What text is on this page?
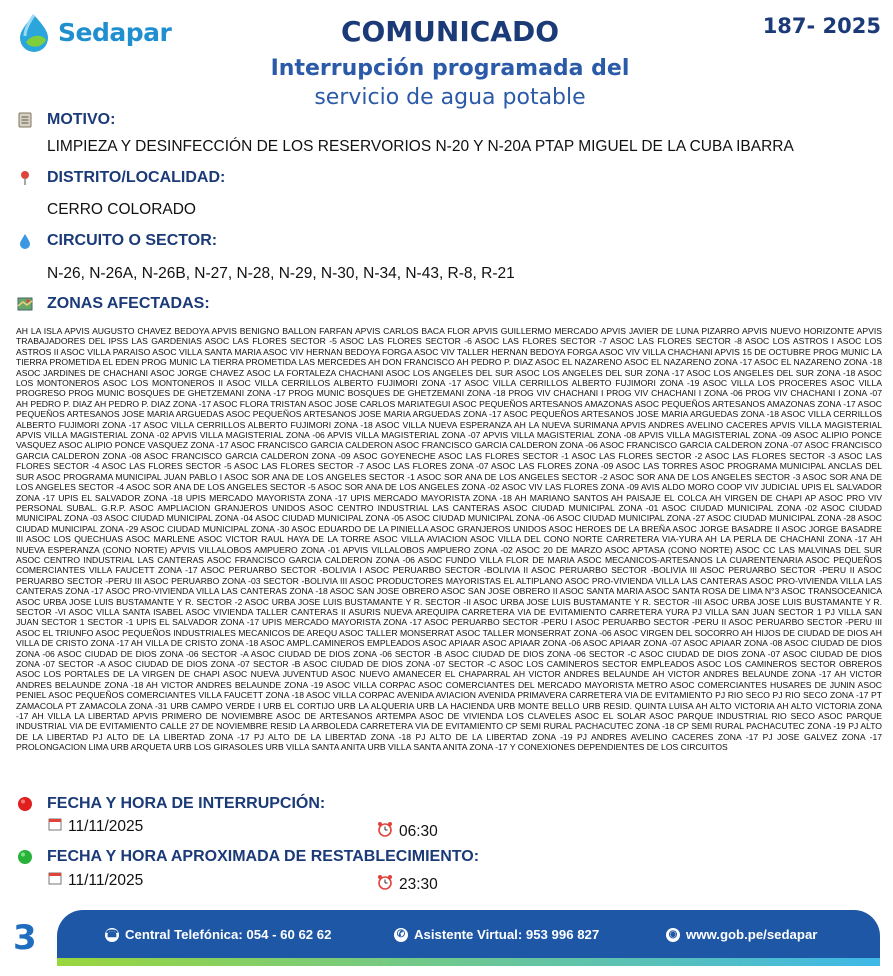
Sedapar	COMUNICADO
Interrupción programada del
servicio de agua potable
187- 2025
MOTIVO:
LIMPIEZA Y DESINFECCIÓN DE LOS RESERVORIOS N-20 Y N-20A PTAP MIGUEL DE LA CUBA IBARRA
DISTRITO/LOCALIDAD:
CERRO COLORADO
CIRCUITO O SECTOR:
N-26, N-26A, N-26B, N-27, N-28, N-29, N-30, N-34, N-43, R-8, R-21
ZONAS AFECTADAS:
AH LA ISLA APVIS AUGUSTO CHAVEZ BEDOYA APVIS BENIGNO BALLON FARFAN APVIS CARLOS BACA FLOR APVIS GUILLERMO MERCADO APVIS JAVIER DE LUNA PIZARRO APVIS NUEVO HORIZONTE APVIS TRABAJADORES DEL IPSS LAS GARDENIAS ASOC LAS FLORES SECTOR -5 ASOC LAS FLORES SECTOR -6 ASOC LAS FLORES SECTOR -7 ASOC LAS FLORES SECTOR -8 ASOC LOS ASTROS I ASOC LOS ASTROS II ASOC VILLA PARAISO ASOC VILLA SANTA MARIA ASOC VIV HERNAN BEDOYA FORGA ASOC VIV TALLER HERNAN BEDOYA FORGA ASOC VIV VILLA CHACHANI APVIS 15 DE OCTUBRE PROG MUNIC LA TIERRA PROMETIDA EL EDEN PROG MUNIC LA TIERRA PROMETIDA LAS MERCEDES AH DON FRANCISCO AH PEDRO P. DIAZ ASOC EL NAZARENO ASOC EL NAZARENO ZONA -17 ASOC EL NAZARENO ZONA -18 ASOC JARDINES DE CHACHANI ASOC JORGE CHAVEZ ASOC LA FORTALEZA CHACHANI ASOC LOS ANGELES DEL SUR ASOC LOS ANGELES DEL SUR ZONA -17 ASOC LOS ANGELES DEL SUR ZONA -18 ASOC LOS MONTONEROS ASOC LOS MONTONEROS II ASOC VILLA CERRILLOS ALBERTO FUJIMORI ZONA -17 ASOC VILLA CERRILLOS ALBERTO FUJIMORI ZONA -19 ASOC VILLA LOS PROCERES ASOC VILLA PROGRESO PROG MUNIC BOSQUES DE GHETZEMANI ZONA -17 PROG MUNIC BOSQUES DE GHETZEMANI ZONA -18 PROG VIV CHACHANI I PROG VIV CHACHANI I ZONA -06 PROG VIV CHACHANI I ZONA -07 AH PEDRO P. DIAZ AH PEDRO P. DIAZ ZONA -17 ASOC FLORA TRISTAN ASOC JOSE CARLOS MARIATEGUI ASOC PEQUEÑOS ARTESANOS AMAZONAS ASOC PEQUEÑOS ARTESANOS AMAZONAS ZONA -17 ASOC PEQUEÑOS ARTESANOS JOSE MARIA ARGUEDAS ASOC PEQUEÑOS ARTESANOS JOSE MARIA ARGUEDAS ZONA -17 ASOC PEQUEÑOS ARTESANOS JOSE MARIA ARGUEDAS ZONA -18 ASOC VILLA CERRILLOS ALBERTO FUJIMORI ZONA -17 ASOC VILLA CERRILLOS ALBERTO FUJIMORI ZONA -18 ASOC VILLA NUEVA ESPERANZA AH LA NUEVA SURIMANA APVIS ANDRES AVELINO CACERES APVIS VILLA MAGISTERIAL APVIS VILLA MAGISTERIAL ZONA -02 APVIS VILLA MAGISTERIAL ZONA -06 APVIS VILLA MAGISTERIAL ZONA -07 APVIS VILLA MAGISTERIAL ZONA -08 APVIS VILLA MAGISTERIAL ZONA -09 ASOC ALIPIO PONCE VASQUEZ ASOC ALIPIO PONCE VASQUEZ ZONA -17 ASOC FRANCISCO GARCIA CALDERON ASOC FRANCISCO GARCIA CALDERON ZONA -06 ASOC FRANCISCO GARCIA CALDERON ZONA -07 ASOC FRANCISCO GARCIA CALDERON ZONA -08 ASOC FRANCISCO GARCIA CALDERON ZONA -09 ASOC GOYENECHE ASOC LAS FLORES SECTOR -1 ASOC LAS FLORES SECTOR -2 ASOC LAS FLORES SECTOR -3 ASOC LAS FLORES SECTOR -4 ASOC LAS FLORES SECTOR -5 ASOC LAS FLORES SECTOR -7 ASOC LAS FLORES ZONA -07 ASOC LAS FLORES ZONA -09 ASOC LAS TORRES ASOC PROGRAMA MUNICIPAL ANCLAS DEL SUR ASOC PROGRAMA MUNICIPAL JUAN PABLO I ASOC SOR ANA DE LOS ANGELES SECTOR -1 ASOC SOR ANA DE LOS ANGELES SECTOR -2 ASOC SOR ANA DE LOS ANGELES SECTOR -3 ASOC SOR ANA DE LOS ANGELES SECTOR -4 ASOC SOR ANA DE LOS ANGELES SECTOR -5 ASOC SOR ANA DE LOS ANGELES ZONA -02 ASOC VIV LAS FLORES ZONA -09 AVIS ALDO MORO COOP VIV JUDICIAL UPIS EL SALVADOR ZONA -17 UPIS EL SALVADOR ZONA -18 UPIS MERCADO MAYORISTA ZONA -17 UPIS MERCADO MAYORISTA ZONA -18 AH MARIANO SANTOS AH PAISAJE EL COLCA AH VIRGEN DE CHAPI AP ASOC PRO VIV PERSONAL SUBAL. G.R.P. ASOC AMPLIACION GRANJEROS UNIDOS ASOC CENTRO INDUSTRIAL LAS CANTERAS ASOC CIUDAD MUNICIPAL ZONA -01 ASOC CIUDAD MUNICIPAL ZONA -02 ASOC CIUDAD MUNICIPAL ZONA -03 ASOC CIUDAD MUNICIPAL ZONA -04 ASOC CIUDAD MUNICIPAL ZONA -05 ASOC CIUDAD MUNICIPAL ZONA -06 ASOC CIUDAD MUNICIPAL ZONA -27 ASOC CIUDAD MUNICIPAL ZONA -28 ASOC CIUDAD MUNICIPAL ZONA -29 ASOC CIUDAD MUNICIPAL ZONA -30 ASOC EDUARDO DE LA PINIELLA ASOC GRANJEROS UNIDOS ASOC HEROES DE LA BREÑA ASOC JORGE BASADRE II ASOC JORGE BASADRE III ASOC LOS QUECHUAS ASOC MARLENE ASOC VICTOR RAUL HAYA DE LA TORRE ASOC VILLA AVIACION ASOC VILLA DEL CONO NORTE CARRETERA VIA-YURA AH LA PERLA DE CHACHANI ZONA -17 AH NUEVA ESPERANZA (CONO NORTE) APVIS VILLALOBOS AMPUERO ZONA -01 APVIS VILLALOBOS AMPUERO ZONA -02 ASOC 20 DE MARZO ASOC APTASA (CONO NORTE) ASOC CC LAS MALVINAS DEL SUR ASOC CENTRO INDUSTRIAL LAS CANTERAS ASOC FRANCISCO GARCIA CALDERON ZONA -06 ASOC FUNDO VILLA FLOR DE MARIA ASOC MECANICOS-ARTESANOS LA CUARENTENARIA ASOC PEQUEÑOS COMERCIANTES VILLA FAUCETT ZONA -17 ASOC PERUARBO SECTOR -BOLIVIA I ASOC PERUARBO SECTOR -BOLIVIA II ASOC PERUARBO SECTOR -BOLIVIA III ASOC PERUARBO SECTOR -PERU II ASOC PERUARBO SECTOR -PERU III ASOC PERUARBO ZONA -03 SECTOR -BOLIVIA III ASOC PRODUCTORES MAYORISTAS EL ALTIPLANO ASOC PRO-VIVIENDA VILLA LAS CANTERAS ASOC PRO-VIVIENDA VILLA LAS CANTERAS ZONA -17 ASOC PRO-VIVIENDA VILLA LAS CANTERAS ZONA -18 ASOC SAN JOSE OBRERO ASOC SAN JOSE OBRERO II ASOC SANTA MARIA ASOC SANTA ROSA DE LIMA N°3 ASOC TRANSOCEANICA ASOC URBA JOSE LUIS BUSTAMANTE Y R. SECTOR -2 ASOC URBA JOSE LUIS BUSTAMANTE Y R. SECTOR -II ASOC URBA JOSE LUIS BUSTAMANTE Y R. SECTOR -III ASOC URBA JOSE LUIS BUSTAMANTE Y R. SECTOR -VI ASOC VILLA SANTA ISABEL ASOC VIVIENDA TALLER CANTERAS II ASURIS NUEVA AREQUIPA CARRETERA VIA DE EVITAMIENTO CARRETERA YURA PJ VILLA SAN JUAN SECTOR 1 PJ VILLA SAN JUAN SECTOR 1 SECTOR -1 UPIS EL SALVADOR ZONA -17 UPIS MERCADO MAYORISTA ZONA -17 ASOC PERUARBO SECTOR -PERU I ASOC PERUARBO SECTOR -PERU II ASOC PERUARBO SECTOR -PERU III ASOC EL TRIUNFO ASOC PEQUEÑOS INDUSTRIALES MECANICOS DE AREQU ASOC TALLER MONSERRAT ASOC TALLER MONSERRAT ZONA -06 ASOC VIRGEN DEL SOCORRO AH HIJOS DE CIUDAD DE DIOS AH VILLA DE CRISTO ZONA -17 AH VILLA DE CRISTO ZONA -18 ASOC AMPL.CAMINEROS EMPLEADOS ASOC APIAAR ASOC APIAAR ZONA -06 ASOC APIAAR ZONA -07 ASOC APIAAR ZONA -08 ASOC CIUDAD DE DIOS ZONA -06 ASOC CIUDAD DE DIOS ZONA -06 SECTOR -A ASOC CIUDAD DE DIOS ZONA -06 SECTOR -B ASOC CIUDAD DE DIOS ZONA -06 SECTOR -C ASOC CIUDAD DE DIOS ZONA -07 ASOC CIUDAD DE DIOS ZONA -07 SECTOR -A ASOC CIUDAD DE DIOS ZONA -07 SECTOR -B ASOC CIUDAD DE DIOS ZONA -07 SECTOR -C ASOC LOS CAMINEROS SECTOR EMPLEADOS ASOC LOS CAMINEROS SECTOR OBREROS ASOC LOS PORTALES DE LA VIRGEN DE CHAPI ASOC NUEVA JUVENTUD ASOC NUEVO AMANECER EL CHAPARRAL AH VICTOR ANDRES BELAUNDE AH VICTOR ANDRES BELAUNDE ZONA -17 AH VICTOR ANDRES BELAUNDE ZONA -18 AH VICTOR ANDRES BELAUNDE ZONA -19 ASOC VILLA CORPAC ASOC COMERCIANTES DEL MERCADO MAYORISTA METRO ASOC COMERCIANTES HUSARES DE JUNIN ASOC PENIEL ASOC PEQUEÑOS COMERCIANTES VILLA FAUCETT ZONA -18 ASOC VILLA CORPAC AVENIDA AVIACION AVENIDA PRIMAVERA CARRETERA VIA DE EVITAMIENTO PJ RIO SECO PJ RIO SECO ZONA -17 PT ZAMACOLA PT ZAMACOLA ZONA -31 URB CAMPO VERDE I URB EL CORTIJO URB LA ALQUERIA URB LA HACIENDA URB MONTE BELLO URB RESID. QUINTA LUISA AH ALTO VICTORIA AH ALTO VICTORIA ZONA -17 AH VILLA LA LIBERTAD APVIS PRIMERO DE NOVIEMBRE ASOC DE ARTESANOS ARTEMPA ASOC DE VIVIENDA LOS CLAVELES ASOC EL SOLAR ASOC PARQUE INDUSTRIAL RIO SECO ASOC PARQUE INDUSTRIAL VIA DE EVITAMIENTO CALLE 27 DE NOVIEMBRE RESID LA ARBOLEDA CARRETERA VIA DE EVITAMIENTO CP SEMI RURAL PACHACUTEC ZONA -18 CP SEMI RURAL PACHACUTEC ZONA -19 PJ ALTO DE LA LIBERTAD PJ ALTO DE LA LIBERTAD ZONA -17 PJ ALTO DE LA LIBERTAD ZONA -18 PJ ALTO DE LA LIBERTAD ZONA -19 PJ ANDRES AVELINO CACERES ZONA -17 PJ JOSE GALVEZ ZONA -17 PROLONGACION LIMA URB ARQUETA URB LOS GIRASOLES URB VILLA SANTA ANITA URB VILLA SANTA ANITA ZONA -17 Y CONEXIONES DEPENDIENTES DE LOS CIRCUITOS
FECHA Y HORA DE INTERRUPCIÓN:
11/11/2025	06:30
FECHA Y HORA APROXIMADA DE RESTABLECIMIENTO:
11/11/2025	23:30
3	☎ Central Telefónica: 054 - 60 62 62	✆ Asistente Virtual: 953 996 827	◉ www.gob.pe/sedapar
